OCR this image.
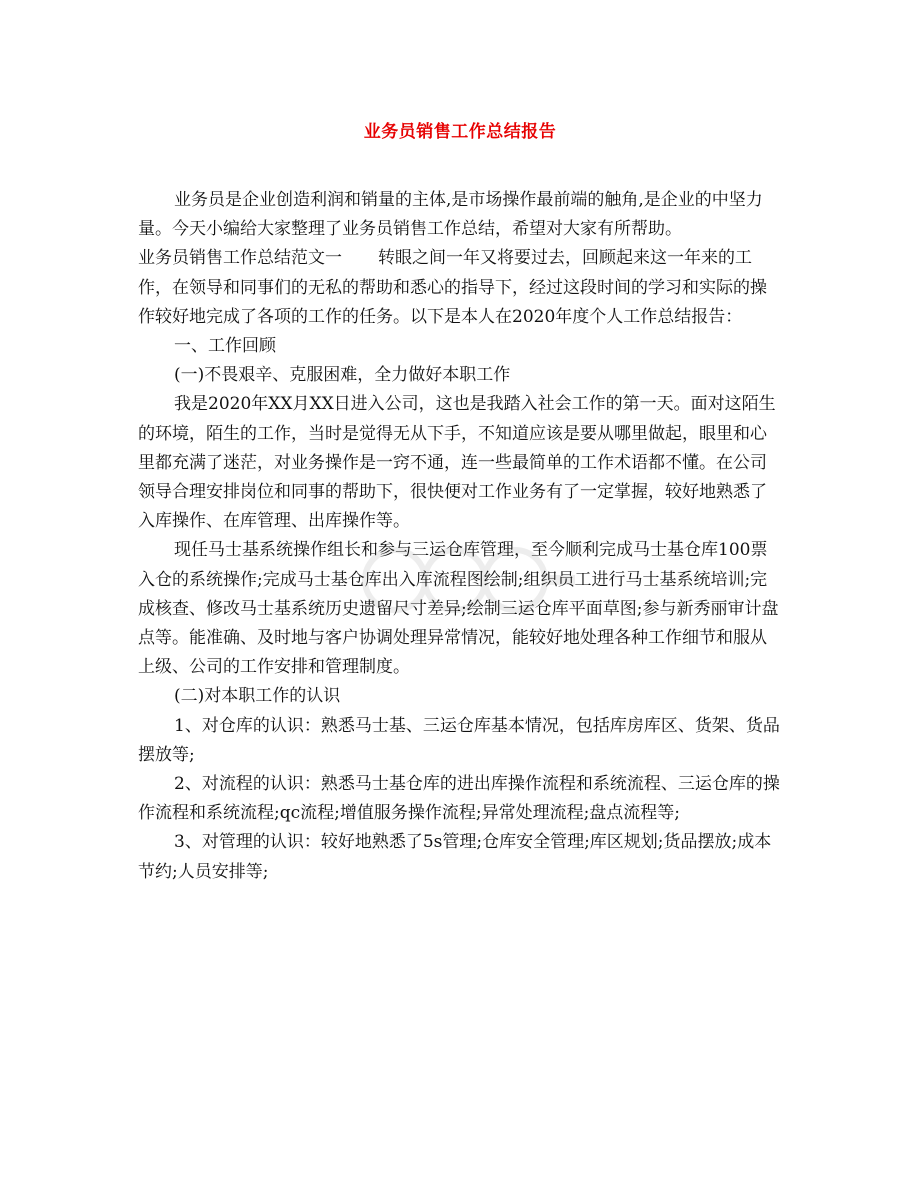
业务员销售工作总结报告

业务员是企业创造利润和销量的主体,是市场操作最前端的触角,是企业的中坚力量。今天小编给大家整理了业务员销售工作总结，希望对大家有所帮助。

业务员销售工作总结范文一 转眼之间一年又将要过去，回顾起来这一年来的工作，在领导和同事们的无私的帮助和悉心的指导下，经过这段时间的学习和实际的操作较好地完成了各项的工作的任务。以下是本人在2020年度个人工作总结报告：

一、工作回顾

(一)不畏艰辛、克服困难，全力做好本职工作

我是2020年XX月XX日进入公司，这也是我踏入社会工作的第一天。面对这陌生的环境，陌生的工作，当时是觉得无从下手，不知道应该是要从哪里做起，眼里和心里都充满了迷茫，对业务操作是一窍不通，连一些最简单的工作术语都不懂。在公司领导合理安排岗位和同事的帮助下，很快便对工作业务有了一定掌握，较好地熟悉了入库操作、在库管理、出库操作等。

现任马士基系统操作组长和参与三运仓库管理，至今顺利完成马士基仓库100票入仓的系统操作;完成马士基仓库出入库流程图绘制;组织员工进行马士基系统培训;完成核查、修改马士基系统历史遗留尺寸差异;绘制三运仓库平面草图;参与新秀丽审计盘点等。能准确、及时地与客户协调处理异常情况，能较好地处理各种工作细节和服从上级、公司的工作安排和管理制度。

(二)对本职工作的认识

1、对仓库的认识：熟悉马士基、三运仓库基本情况，包括库房库区、货架、货品摆放等;

2、对流程的认识：熟悉马士基仓库的进出库操作流程和系统流程、三运仓库的操作流程和系统流程;qc流程;增值服务操作流程;异常处理流程;盘点流程等;

3、对管理的认识：较好地熟悉了5s管理;仓库安全管理;库区规划;货品摆放;成本节约;人员安排等;
